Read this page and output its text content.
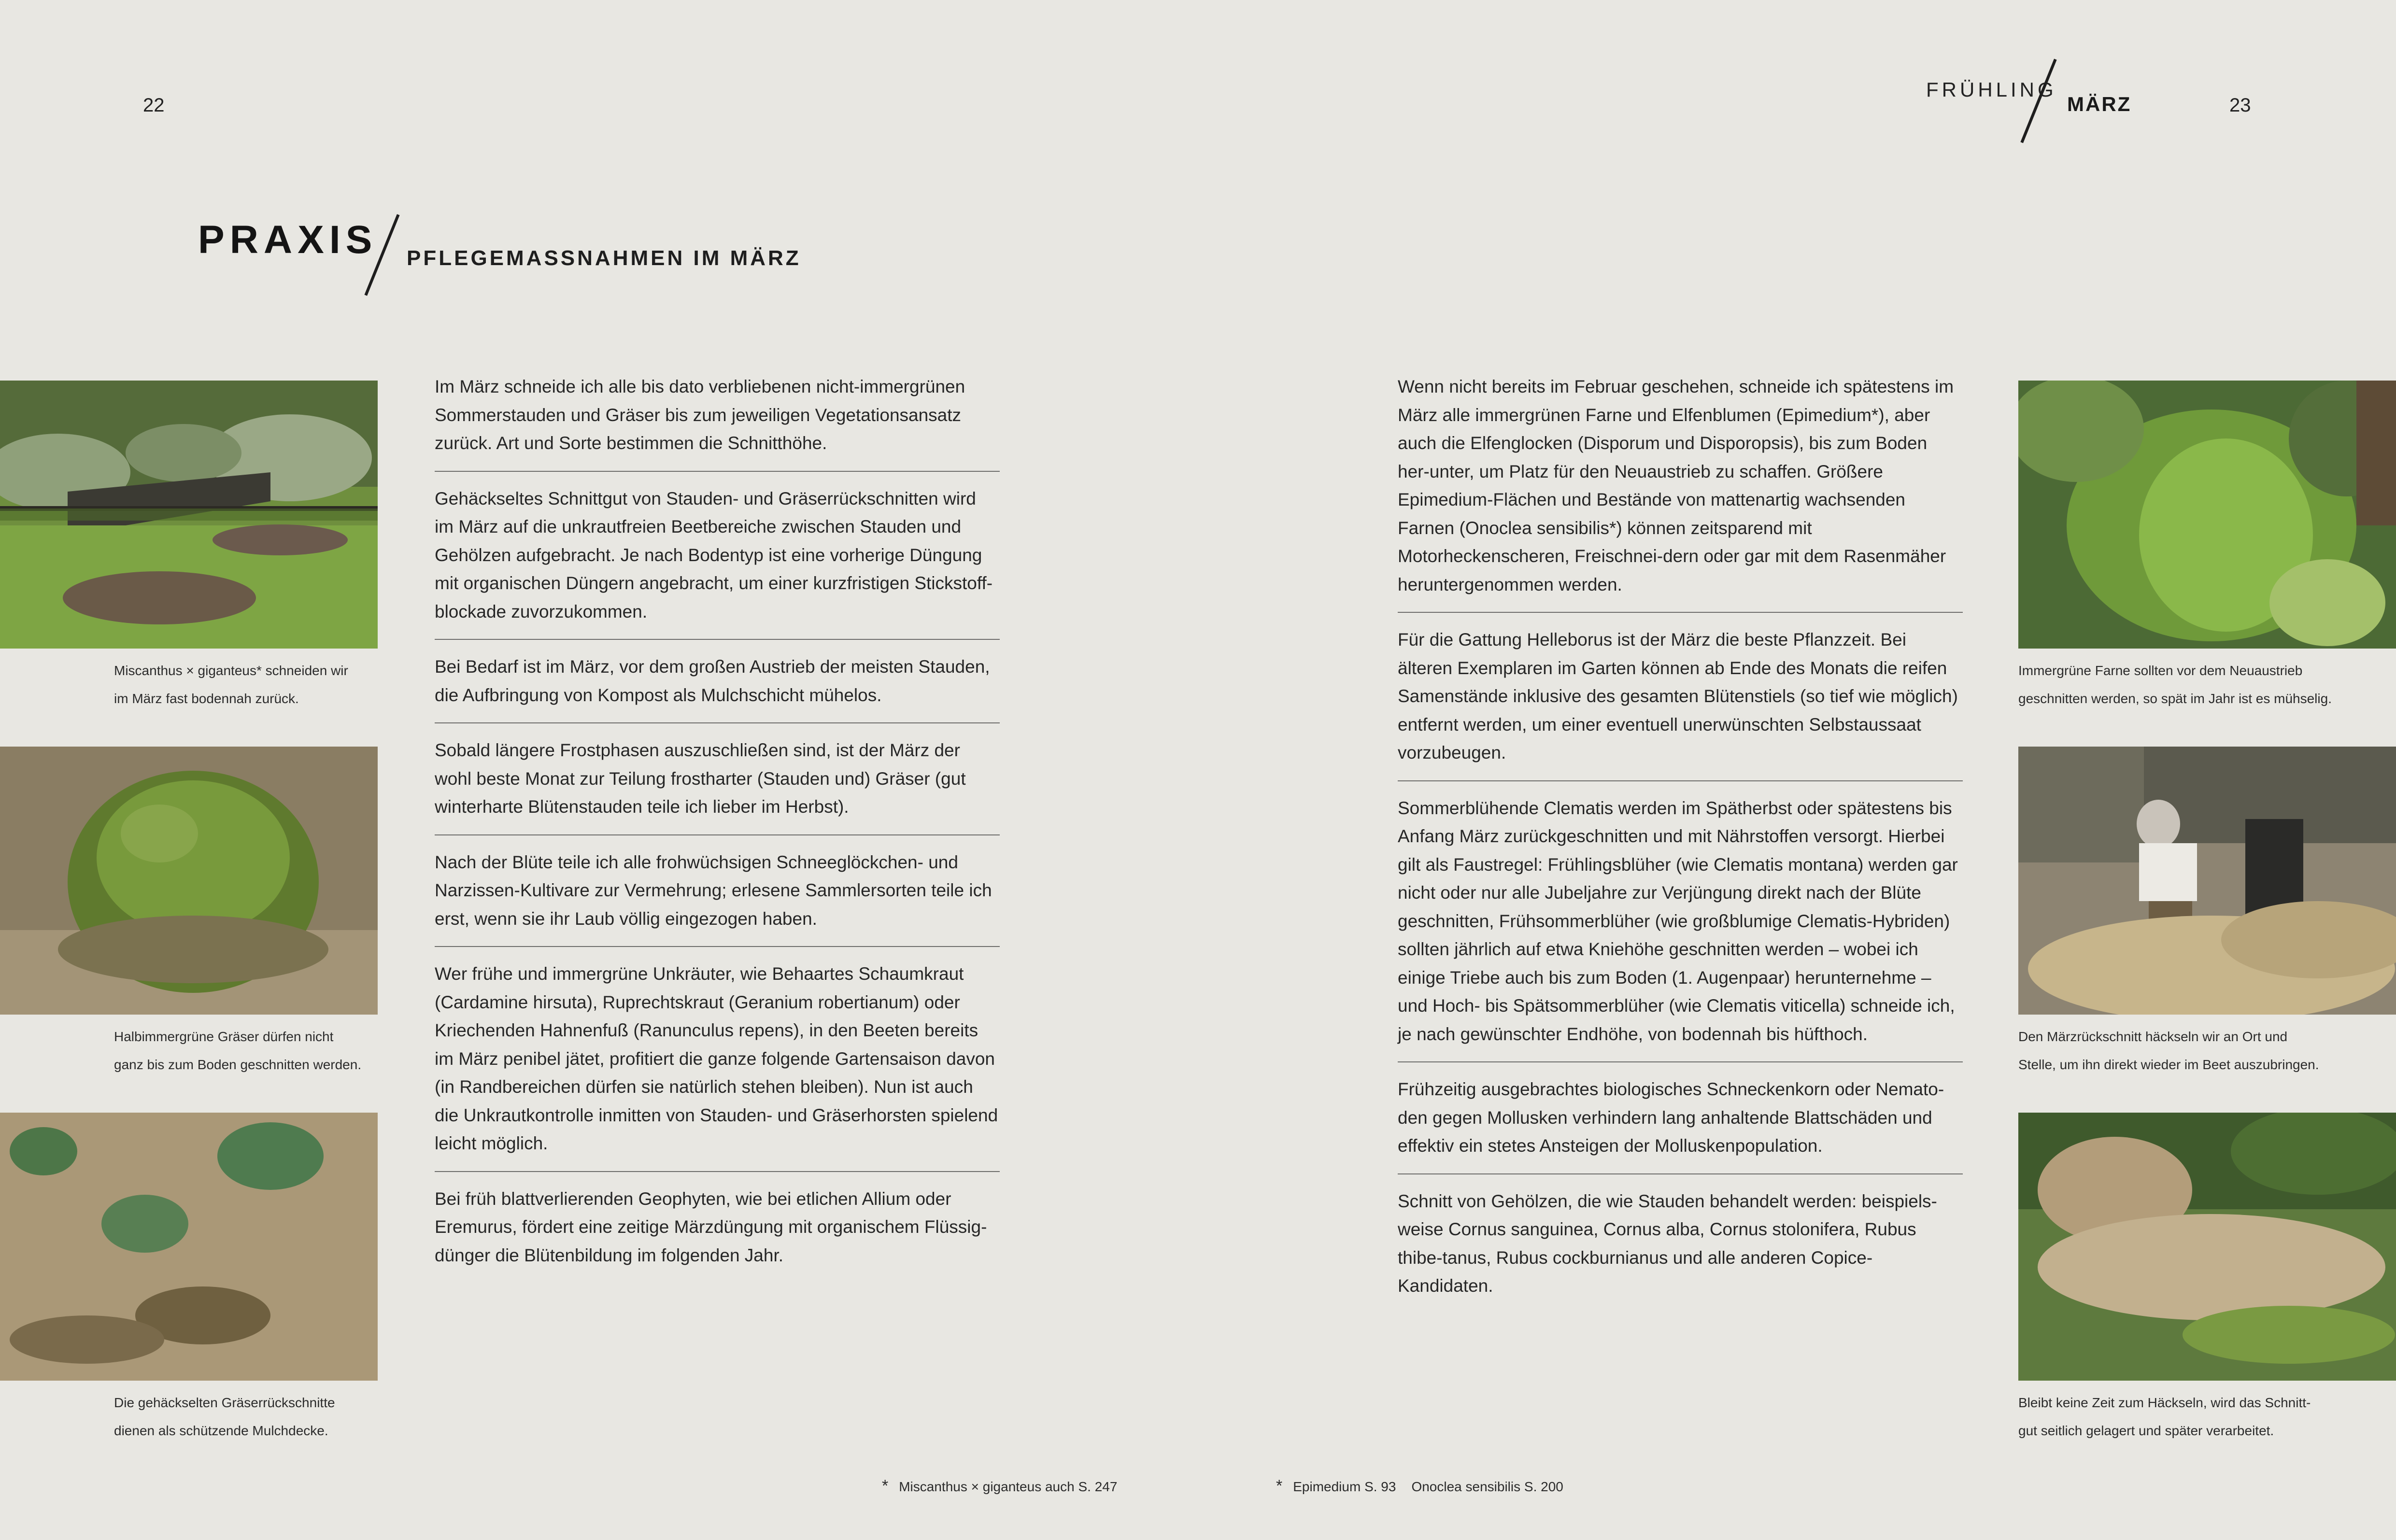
22	23
FRÜHLING
MÄRZ
PRAXIS PFLEGEMASSNAHMEN IM MÄRZ
Miscanthus × giganteus* schneiden wir
im März fast bodennah zurück.
Halbimmergrüne Gräser dürfen nicht
ganz bis zum Boden geschnitten werden.
Die gehäckselten Gräserrückschnitte
dienen als schützende Mulchdecke.
Immergrüne Farne sollten vor dem Neuaustrieb
geschnitten werden, so spät im Jahr ist es mühselig.
Den Märzrückschnitt häckseln wir an Ort und
Stelle, um ihn direkt wieder im Beet auszubringen.
Bleibt keine Zeit zum Häckseln, wird das Schnitt-
gut seitlich gelagert und später verarbeitet.

Im März schneide ich alle bis dato verbliebenen nicht-immergrünen Sommerstauden und Gräser bis zum jeweiligen Vegetationsansatz zurück. Art und Sorte bestimmen die Schnitthöhe.

Gehäckseltes Schnittgut von Stauden- und Gräserrückschnitten wird im März auf die unkrautfreien Beetbereiche zwischen Stauden und Gehölzen aufgebracht. Je nach Bodentyp ist eine vorherige Düngung mit organischen Düngern angebracht, um einer kurzfristigen Stickstoff-blockade zuvorzukommen.

Bei Bedarf ist im März, vor dem großen Austrieb der meisten Stauden, die Aufbringung von Kompost als Mulchschicht mühelos.

Sobald längere Frostphasen auszuschließen sind, ist der März der wohl beste Monat zur Teilung frostharter (Stauden und) Gräser (gut winterharte Blütenstauden teile ich lieber im Herbst).

Nach der Blüte teile ich alle frohwüchsigen Schneeglöckchen- und Narzissen-Kultivare zur Vermehrung; erlesene Sammlersorten teile ich erst, wenn sie ihr Laub völlig eingezogen haben.

Wer frühe und immergrüne Unkräuter, wie Behaartes Schaumkraut (Cardamine hirsuta), Ruprechtskraut (Geranium robertianum) oder Kriechenden Hahnenfuß (Ranunculus repens), in den Beeten bereits im März penibel jätet, profitiert die ganze folgende Gartensaison davon (in Randbereichen dürfen sie natürlich stehen bleiben). Nun ist auch die Unkrautkontrolle inmitten von Stauden- und Gräserhorsten spielend leicht möglich.

Bei früh blattverlierenden Geophyten, wie bei etlichen Allium oder Eremurus, fördert eine zeitige Märzdüngung mit organischem Flüssig-dünger die Blütenbildung im folgenden Jahr.

Wenn nicht bereits im Februar geschehen, schneide ich spätestens im März alle immergrünen Farne und Elfenblumen (Epimedium*), aber auch die Elfenglocken (Disporum und Disporopsis), bis zum Boden her-unter, um Platz für den Neuaustrieb zu schaffen. Größere Epimedium-Flächen und Bestände von mattenartig wachsenden Farnen (Onoclea sensibilis*) können zeitsparend mit Motorheckenscheren, Freischnei-dern oder gar mit dem Rasenmäher heruntergenommen werden.

Für die Gattung Helleborus ist der März die beste Pflanzzeit. Bei älteren Exemplaren im Garten können ab Ende des Monats die reifen Samenstände inklusive des gesamten Blütenstiels (so tief wie möglich) entfernt werden, um einer eventuell unerwünschten Selbstaussaat vorzubeugen.

Sommerblühende Clematis werden im Spätherbst oder spätestens bis Anfang März zurückgeschnitten und mit Nährstoffen versorgt. Hierbei gilt als Faustregel: Frühlingsblüher (wie Clematis montana) werden gar nicht oder nur alle Jubeljahre zur Verjüngung direkt nach der Blüte geschnitten, Frühsommerblüher (wie großblumige Clematis-Hybriden) sollten jährlich auf etwa Kniehöhe geschnitten werden – wobei ich einige Triebe auch bis zum Boden (1. Augenpaar) herunternehme – und Hoch- bis Spätsommerblüher (wie Clematis viticella) schneide ich, je nach gewünschter Endhöhe, von bodennah bis hüfthoch.

Frühzeitig ausgebrachtes biologisches Schneckenkorn oder Nemato-den gegen Mollusken verhindern lang anhaltende Blattschäden und effektiv ein stetes Ansteigen der Molluskenpopulation.

Schnitt von Gehölzen, die wie Stauden behandelt werden: beispiels-weise Cornus sanguinea, Cornus alba, Cornus stolonifera, Rubus thibe-tanus, Rubus cockburnianus und alle anderen Copice-Kandidaten.

* Miscanthus × giganteus auch S. 247	* Epimedium S. 93 Onoclea sensibilis S. 200
